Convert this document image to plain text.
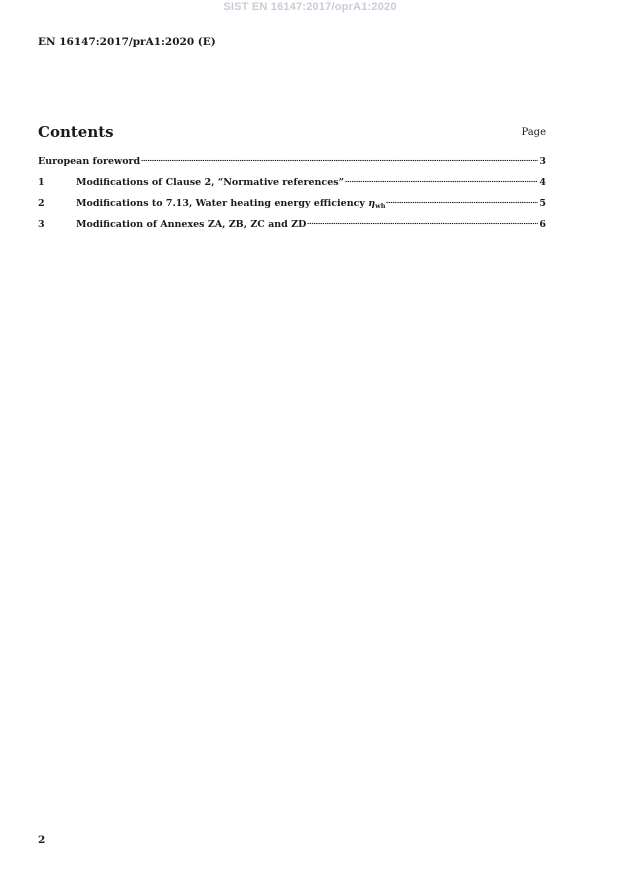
SIST EN 16147:2017/oprA1:2020
EN 16147:2017/prA1:2020 (E)
Contents	Page
European foreword	3
1	Modifications of Clause 2, “Normative references”	4
2	Modifications to 7.13, Water heating energy efficiency $\eta_{wh}$	5
3	Modification of Annexes ZA, ZB, ZC and ZD	6
2
